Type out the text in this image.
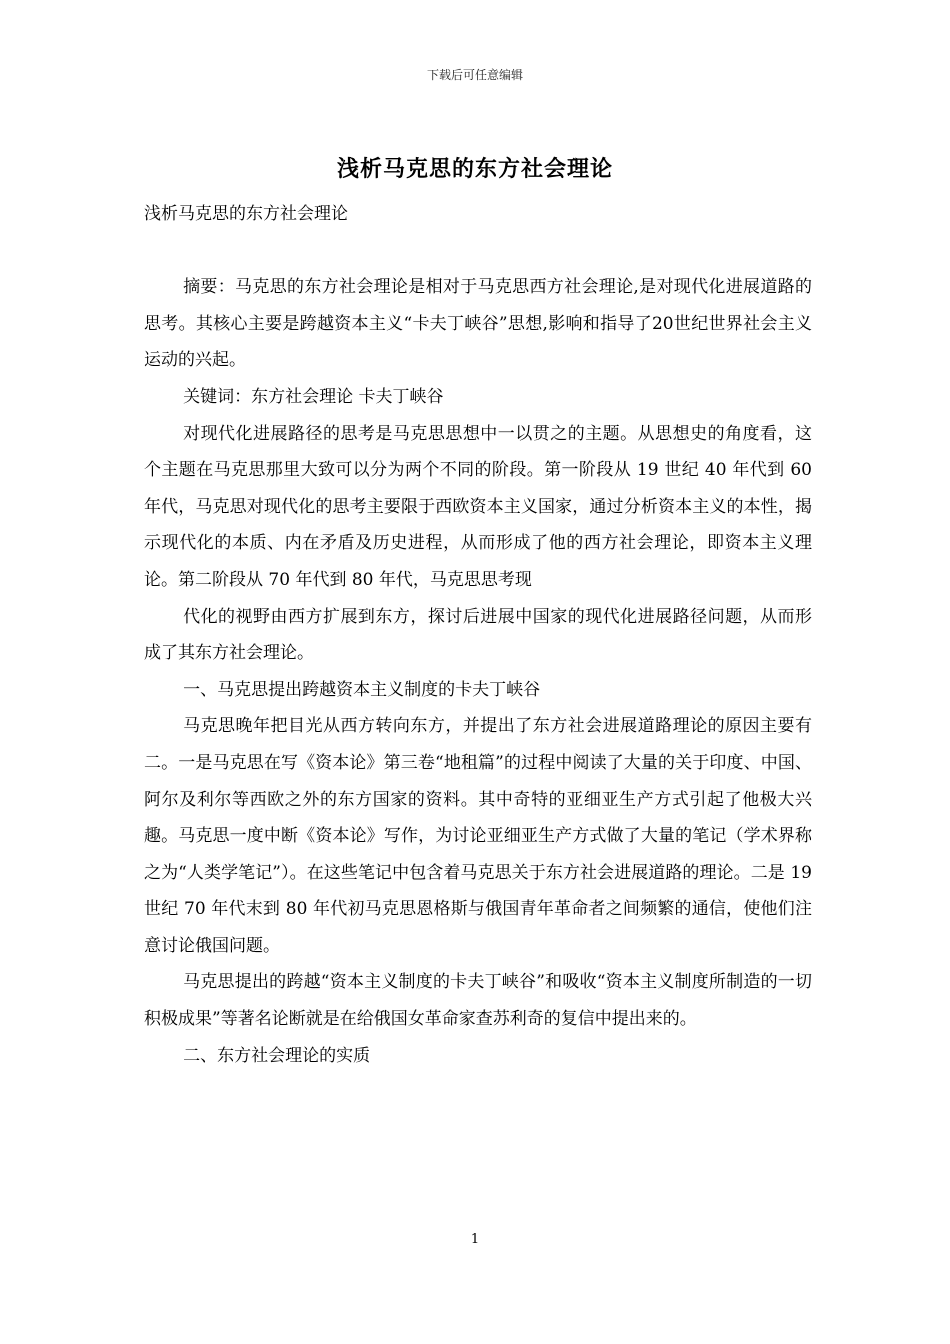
下载后可任意编辑
浅析马克思的东方社会理论

浅析马克思的东方社会理论

摘要：马克思的东方社会理论是相对于马克思西方社会理论,是对现代化进展道路的思考。其核心主要是跨越资本主义“卡夫丁峡谷”思想,影响和指导了20世纪世界社会主义运动的兴起。

关键词：东方社会理论 卡夫丁峡谷

对现代化进展路径的思考是马克思思想中一以贯之的主题。从思想史的角度看，这个主题在马克思那里大致可以分为两个不同的阶段。第一阶段从 19 世纪 40 年代到 60 年代，马克思对现代化的思考主要限于西欧资本主义国家，通过分析资本主义的本性，揭示现代化的本质、内在矛盾及历史进程，从而形成了他的西方社会理论，即资本主义理论。第二阶段从 70 年代到 80 年代，马克思思考现

代化的视野由西方扩展到东方，探讨后进展中国家的现代化进展路径问题，从而形成了其东方社会理论。

一、马克思提出跨越资本主义制度的卡夫丁峡谷

马克思晚年把目光从西方转向东方，并提出了东方社会进展道路理论的原因主要有二。一是马克思在写《资本论》第三卷“地租篇”的过程中阅读了大量的关于印度、中国、阿尔及利尔等西欧之外的东方国家的资料。其中奇特的亚细亚生产方式引起了他极大兴趣。马克思一度中断《资本论》写作，为讨论亚细亚生产方式做了大量的笔记（学术界称之为“人类学笔记”）。在这些笔记中包含着马克思关于东方社会进展道路的理论。二是 19 世纪 70 年代末到 80 年代初马克思恩格斯与俄国青年革命者之间频繁的通信，使他们注意讨论俄国问题。

马克思提出的跨越“资本主义制度的卡夫丁峡谷”和吸收“资本主义制度所制造的一切积极成果”等著名论断就是在给俄国女革命家查苏利奇的复信中提出来的。

二、东方社会理论的实质

1
